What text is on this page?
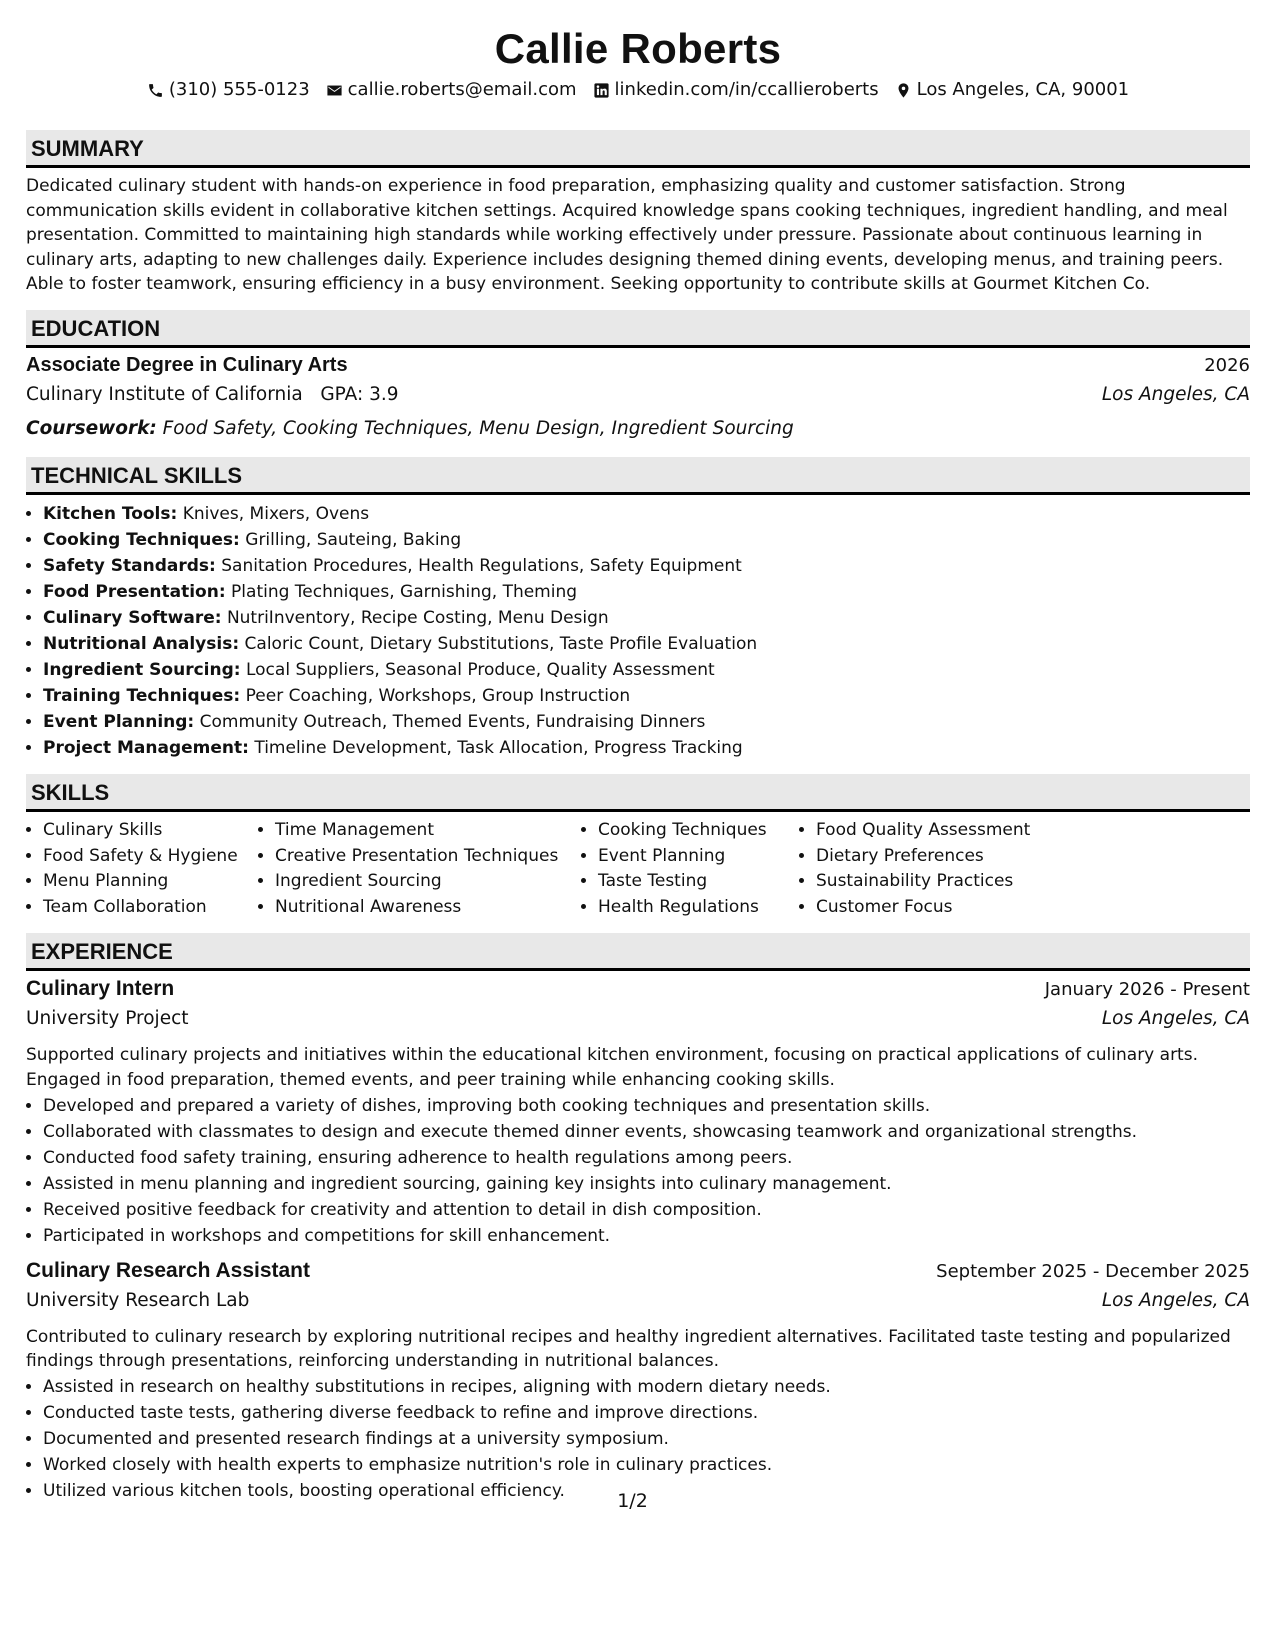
Callie Roberts
(310) 555-0123 callie.roberts@email.com linkedin.com/in/ccallieroberts Los Angeles, CA, 90001
SUMMARY

Dedicated culinary student with hands-on experience in food preparation, emphasizing quality and customer satisfaction. Strong communication skills evident in collaborative kitchen settings. Acquired knowledge spans cooking techniques, ingredient handling, and meal presentation. Committed to maintaining high standards while working effectively under pressure. Passionate about continuous learning in culinary arts, adapting to new challenges daily. Experience includes designing themed dining events, developing menus, and training peers. Able to foster teamwork, ensuring efficiency in a busy environment. Seeking opportunity to contribute skills at Gourmet Kitchen Co.

EDUCATION
Associate Degree in Culinary Arts	2026
Culinary Institute of California GPA: 3.9	Los Angeles, CA
Coursework: Food Safety, Cooking Techniques, Menu Design, Ingredient Sourcing
TECHNICAL SKILLS
• Kitchen Tools: Knives, Mixers, Ovens
• Cooking Techniques: Grilling, Sauteing, Baking
• Safety Standards: Sanitation Procedures, Health Regulations, Safety Equipment
• Food Presentation: Plating Techniques, Garnishing, Theming
• Culinary Software: NutriInventory, Recipe Costing, Menu Design
• Nutritional Analysis: Caloric Count, Dietary Substitutions, Taste Profile Evaluation
• Ingredient Sourcing: Local Suppliers, Seasonal Produce, Quality Assessment
• Training Techniques: Peer Coaching, Workshops, Group Instruction
• Event Planning: Community Outreach, Themed Events, Fundraising Dinners
• Project Management: Timeline Development, Task Allocation, Progress Tracking
SKILLS
• Culinary Skills
• Food Safety & Hygiene
• Menu Planning
• Team Collaboration
• Time Management
• Creative Presentation Techniques
• Ingredient Sourcing
• Nutritional Awareness
• Cooking Techniques
• Event Planning
• Taste Testing
• Health Regulations
• Food Quality Assessment
• Dietary Preferences
• Sustainability Practices
• Customer Focus
EXPERIENCE
Culinary Intern	January 2026 - Present
University Project	Los Angeles, CA

Supported culinary projects and initiatives within the educational kitchen environment, focusing on practical applications of culinary arts. Engaged in food preparation, themed events, and peer training while enhancing cooking skills.

• Developed and prepared a variety of dishes, improving both cooking techniques and presentation skills.
• Collaborated with classmates to design and execute themed dinner events, showcasing teamwork and organizational strengths.
• Conducted food safety training, ensuring adherence to health regulations among peers.
• Assisted in menu planning and ingredient sourcing, gaining key insights into culinary management.
• Received positive feedback for creativity and attention to detail in dish composition.
• Participated in workshops and competitions for skill enhancement.
Culinary Research Assistant	September 2025 - December 2025
University Research Lab	Los Angeles, CA

Contributed to culinary research by exploring nutritional recipes and healthy ingredient alternatives. Facilitated taste testing and popularized findings through presentations, reinforcing understanding in nutritional balances.

• Assisted in research on healthy substitutions in recipes, aligning with modern dietary needs.
• Conducted taste tests, gathering diverse feedback to refine and improve directions.
• Documented and presented research findings at a university symposium.
• Worked closely with health experts to emphasize nutrition's role in culinary practices.
• Utilized various kitchen tools, boosting operational efficiency.	1/2
